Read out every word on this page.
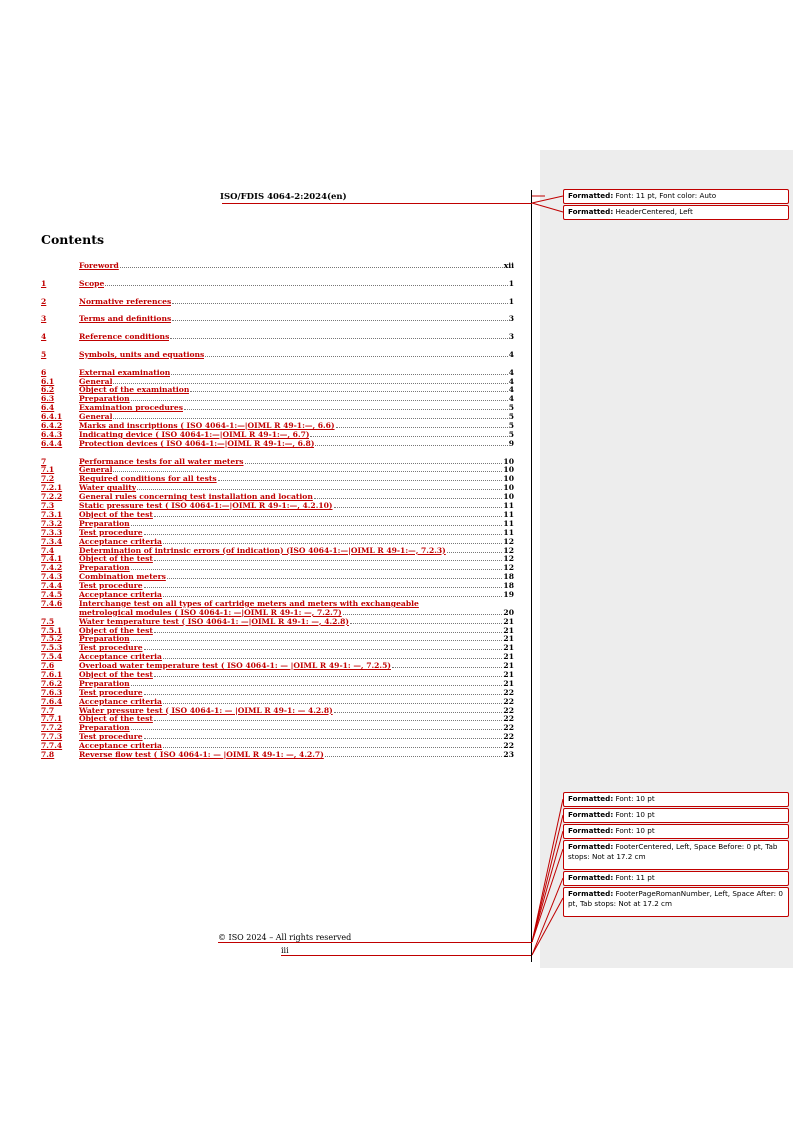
ISO/FDIS 4064-2:2024(en)
Contents
Foreword	xii
1	Scope	1
2	Normative references	1
3	Terms and definitions	3
4	Reference conditions	3
5	Symbols, units and equations	4
6	External examination	4
6.1	General	4
6.2	Object of the examination	4
6.3	Preparation	4
6.4	Examination procedures	5
6.4.1	General	5
6.4.2	Marks and inscriptions ( ISO 4064-1:—|OIML R 49-1:—, 6.6)	5
6.4.3	Indicating device ( ISO 4064-1:—|OIML R 49-1:—, 6.7)	5
6.4.4	Protection devices ( ISO 4064-1:—|OIML R 49-1:—, 6.8)	9
7	Performance tests for all water meters	10
7.1	General	10
7.2	Required conditions for all tests	10
7.2.1	Water quality	10
7.2.2	General rules concerning test installation and location	10
7.3	Static pressure test ( ISO 4064-1:—|OIML R 49-1:—, 4.2.10)	11
7.3.1	Object of the test	11
7.3.2	Preparation	11
7.3.3	Test procedure	11
7.3.4	Acceptance criteria	12
7.4	Determination of intrinsic errors (of indication) (ISO 4064-1:—|OIML R 49-1:—, 7.2.3)	12
7.4.1	Object of the test	12
7.4.2	Preparation	12
7.4.3	Combination meters	18
7.4.4	Test procedure	18
7.4.5	Acceptance criteria	19
7.4.6	Interchange test on all types of cartridge meters and meters with exchangeable
metrological modules ( ISO 4064-1: —|OIML R 49-1: —, 7.2.7)	20
7.5	Water temperature test ( ISO 4064-1: —|OIML R 49-1: —, 4.2.8)	21
7.5.1	Object of the test	21
7.5.2	Preparation	21
7.5.3	Test procedure	21
7.5.4	Acceptance criteria	21
7.6	Overload water temperature test ( ISO 4064-1: — |OIML R 49-1: —, 7.2.5)	21
7.6.1	Object of the test	21
7.6.2	Preparation	21
7.6.3	Test procedure	22
7.6.4	Acceptance criteria	22
7.7	Water pressure test ( ISO 4064-1: — |OIML R 49-1: — 4.2.8)	22
7.7.1	Object of the test	22
7.7.2	Preparation	22
7.7.3	Test procedure	22
7.7.4	Acceptance criteria	22
7.8	Reverse flow test ( ISO 4064-1: — |OIML R 49-1: —, 4.2.7)	23
© ISO 2024 – All rights reserved
iii
Formatted: Font: 11 pt, Font color: Auto
Formatted: HeaderCentered, Left
Formatted: Font: 10 pt
Formatted: Font: 10 pt
Formatted: Font: 10 pt
Formatted: FooterCentered, Left, Space Before: 0 pt, Tab stops: Not at 17.2 cm
Formatted: Font: 11 pt
Formatted: FooterPageRomanNumber, Left, Space After: 0 pt, Tab stops: Not at 17.2 cm
